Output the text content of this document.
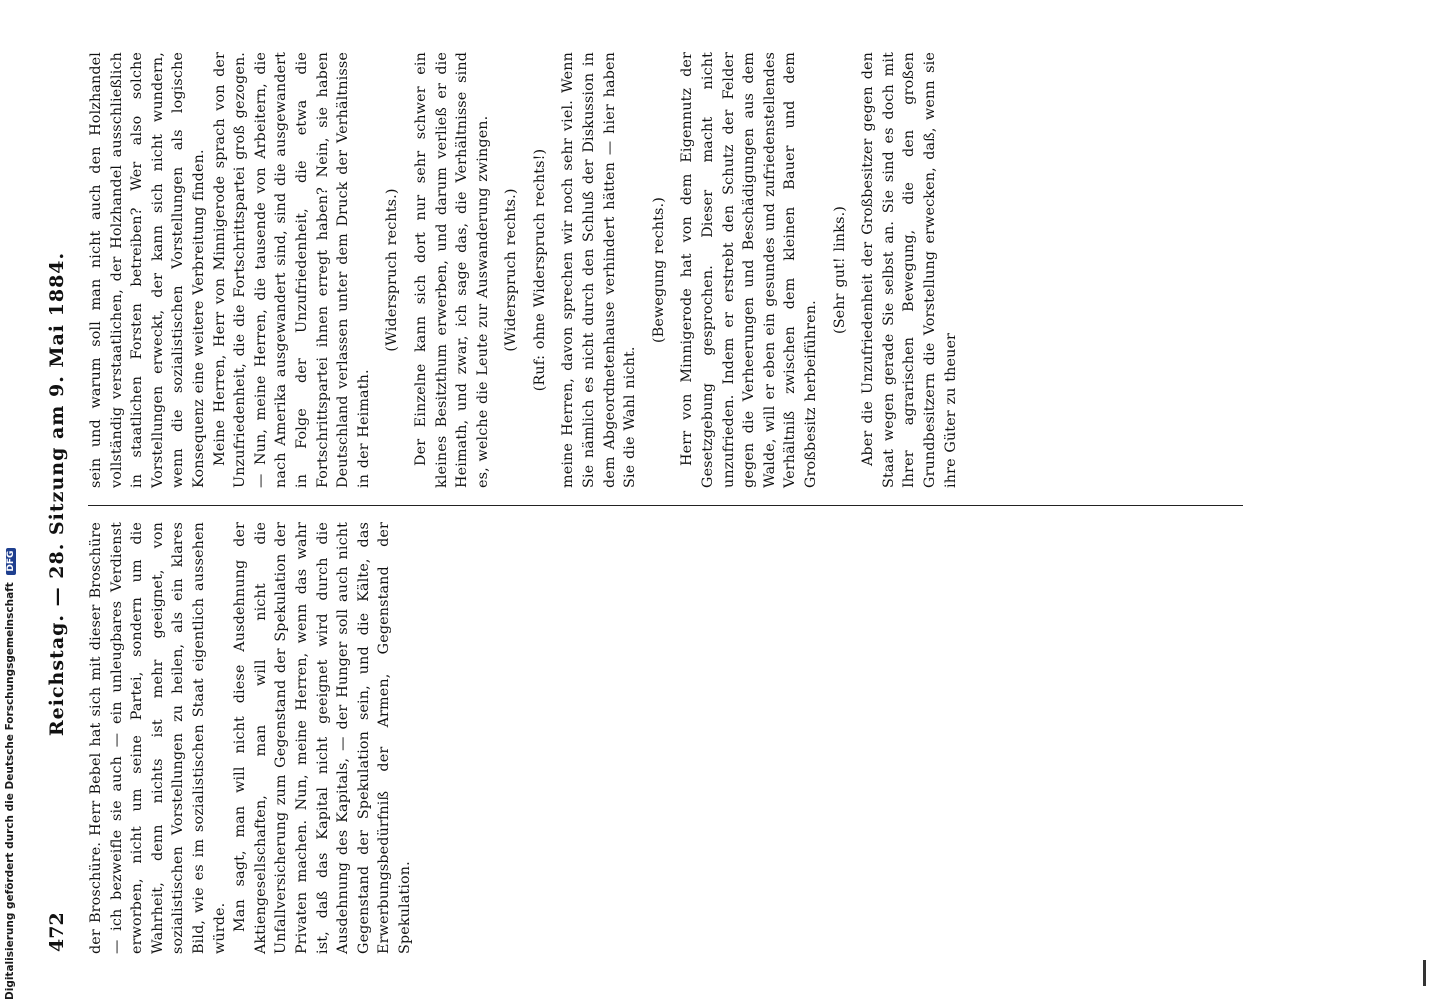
Digitalisierung gefördert durch die Deutsche Forschungsgemeinschaft DFG
472
Reichstag. — 28. Sitzung am 9. Mai 1884.

der Broschüre. Herr Bebel hat sich mit dieser Broschüre — ich bezweifle sie auch — ein unleugbares Verdienst erworben, nicht um seine Partei, sondern um die Wahrheit, denn nichts ist mehr geeignet, von sozialistischen Vorstellungen zu heilen, als ein klares Bild, wie es im sozialistischen Staat eigentlich aussehen würde. Man sagt, man will nicht diese Ausdehnung der Aktiengesellschaften, man will nicht die Unfallversicherung zum Gegenstand der Spekulation der Privaten machen. Nun, meine Herren, wenn das wahr ist, daß das Kapital nicht geeignet wird durch die Ausdehnung des Kapitals, — der Hunger soll auch nicht Gegenstand der Spekulation sein, und die Kälte, das Erwerbungsbedürfniß der Armen, Gegenstand der Spekulation.

sein und warum soll man nicht auch den Holzhandel vollständig verstaatlichen, der Holzhandel ausschließlich in staatlichen Forsten betreiben? Wer also solche Vorstellungen erweckt, der kann sich nicht wundern, wenn die sozialistischen Vorstellungen als logische Konsequenz eine weitere Verbreitung finden. Meine Herren, Herr von Minnigerode sprach von der Unzufriedenheit, die die Fortschrittspartei groß gezogen. — Nun, meine Herren, die tausende von Arbeitern, die nach Amerika ausgewandert sind, sind die ausgewandert in Folge der Unzufriedenheit, die etwa die Fortschrittspartei ihnen erregt haben? Nein, sie haben Deutschland verlassen unter dem Druck der Verhältnisse in der Heimath.

(Widerspruch rechts.) Der Einzelne kann sich dort nur sehr schwer ein kleines Besitzthum erwerben, und darum verließ er die Heimath, und zwar, ich sage das, die Verhältnisse sind es, welche die Leute zur Auswanderung zwingen. (Widerspruch rechts.) (Ruf: ohne Widerspruch rechts!) meine Herren, davon sprechen wir noch sehr viel. Wenn Sie nämlich es nicht durch den Schluß der Diskussion in dem Abgeordnetenhause verhindert hätten — hier haben Sie die Wahl nicht.

(Bewegung rechts.) Herr von Minnigerode hat von dem Eigennutz der Gesetzgebung gesprochen. Dieser macht nicht unzufrieden. Indem er erstrebt den Schutz der Felder gegen die Verheerungen und Beschädigungen aus dem Walde, will er eben ein gesundes und zufriedenstellendes Verhältniß zwischen dem kleinen Bauer und dem Großbesitz herbeiführen.

(Sehr gut! links.) Aber die Unzufriedenheit der Großbesitzer gegen den Staat wegen gerade Sie selbst an. Sie sind es doch mit Ihrer agrarischen Bewegung, die den großen Grundbesitzern die Vorstellung erwecken, daß, wenn sie ihre Güter zu theuer
